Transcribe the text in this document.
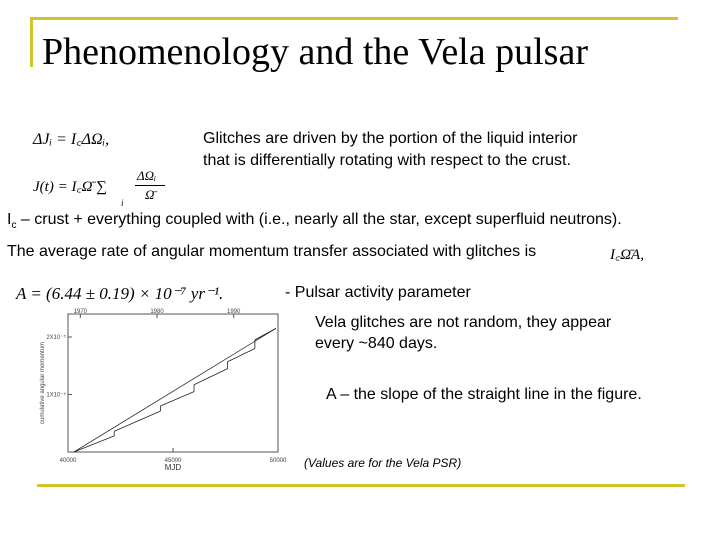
Phenomenology and the Vela pulsar
ΔJᵢ = I꜀ΔΩᵢ,
J(t) = I꜀Ω̄ ∑
i
ΔΩᵢ
Ω̄
Glitches are driven by the portion of the liquid interior
that is differentially rotating with respect to the crust.
$I_c$ – crust + everything coupled with (i.e., nearly all the star, except superfluid neutrons).
The average rate of angular momentum transfer associated with glitches is	I꜀Ω̄A,
A = (6.44 ± 0.19) × 10⁻⁷ yr⁻¹.	- Pulsar activity parameter
Vela glitches are not random, they appear
every ~840 days.
A – the slope of the straight line in the figure.
(Values are for the Vela PSR)
40000	45000	50000
1970	1980	1990
1X10⁻⁵
2X10⁻⁵
MJD
cumulative angular momentum
